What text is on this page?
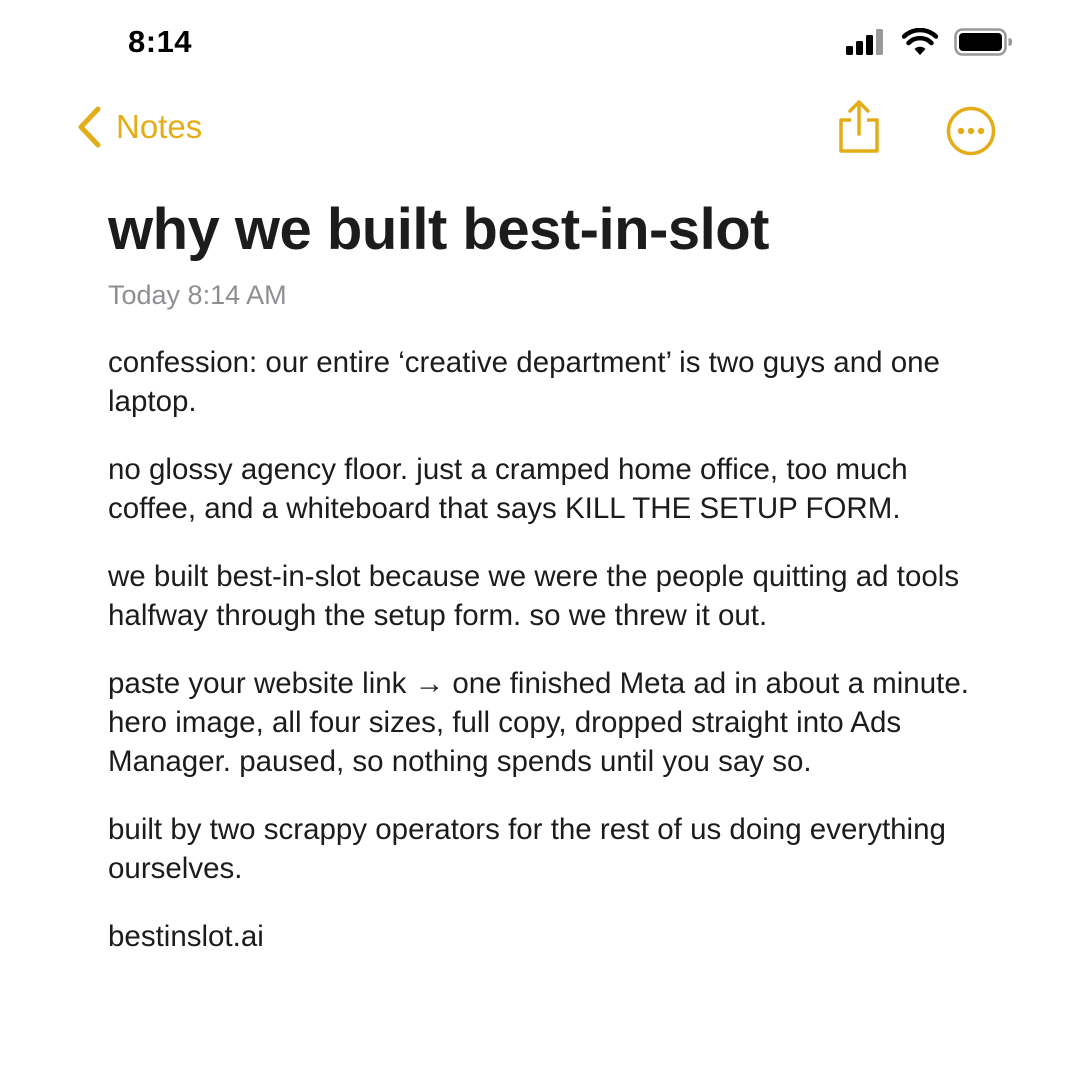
8:14
Notes
why we built best-in-slot
Today 8:14 AM

confession: our entire ‘creative department’ is two guys and one laptop.

no glossy agency floor. just a cramped home office, too much coffee, and a whiteboard that says KILL THE SETUP FORM.

we built best-in-slot because we were the people quitting ad tools halfway through the setup form. so we threw it out.

paste your website link → one finished Meta ad in about a minute. hero image, all four sizes, full copy, dropped straight into Ads Manager. paused, so nothing spends until you say so.

built by two scrappy operators for the rest of us doing everything ourselves.

bestinslot.ai
